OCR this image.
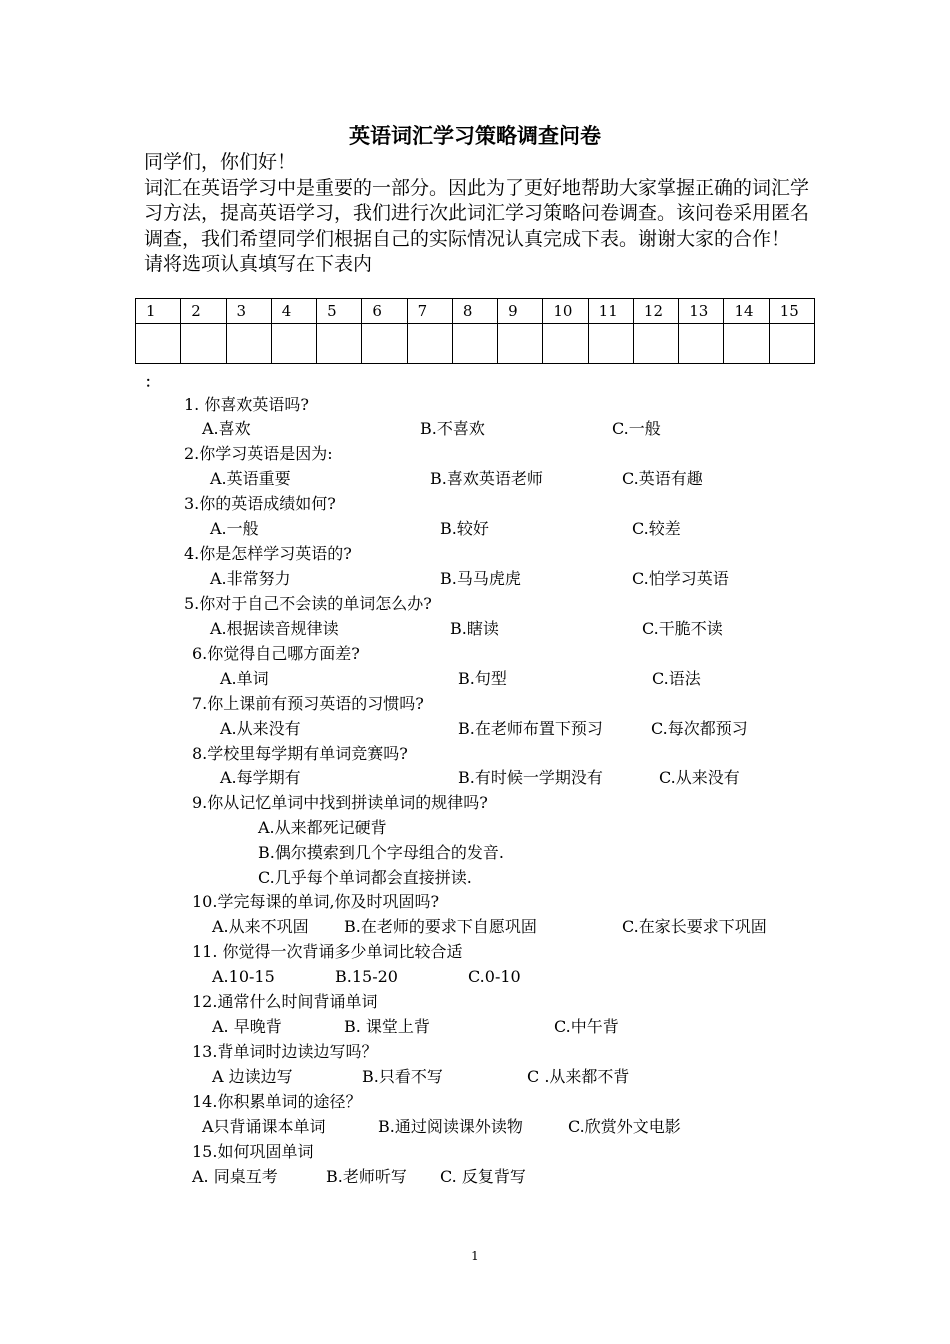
英语词汇学习策略调查问卷

同学们，你们好！

词汇在英语学习中是重要的一部分。因此为了更好地帮助大家掌握正确的词汇学习方法，提高英语学习，我们进行次此词汇学习策略问卷调查。该问卷采用匿名调查，我们希望同学们根据自己的实际情况认真完成下表。谢谢大家的合作！

请将选项认真填写在下表内

1	2	3	4	5	6	7	8	9	10	11	12	13	14	15

：
1. 你喜欢英语吗?
A.喜欢	B.不喜欢	C.一般
2.你学习英语是因为:
A.英语重要	B.喜欢英语老师	C.英语有趣
3.你的英语成绩如何?
A.一般	B.较好	C.较差
4.你是怎样学习英语的?
A.非常努力	B.马马虎虎	C.怕学习英语
5.你对于自己不会读的单词怎么办?
A.根据读音规律读	B.瞎读	C.干脆不读
6.你觉得自己哪方面差?
A.单词	B.句型	C.语法
7.你上课前有预习英语的习惯吗?
A.从来没有	B.在老师布置下预习	C.每次都预习
8.学校里每学期有单词竞赛吗?
A.每学期有	B.有时候一学期没有	C.从来没有
9.你从记忆单词中找到拼读单词的规律吗?
A.从来都死记硬背
B.偶尔摸索到几个字母组合的发音.
C.几乎每个单词都会直接拼读.
10.学完每课的单词,你及时巩固吗?
A.从来不巩固 B.在老师的要求下自愿巩固	C.在家长要求下巩固
11. 你觉得一次背诵多少单词比较合适
A.10-15	B.15-20	C.0-10
12.通常什么时间背诵单词
A. 早晚背	B. 课堂上背	C.中午背
13.背单词时边读边写吗？
A 边读边写	B.只看不写	C .从来都不背
14.你积累单词的途径？
A只背诵课本单词	B.通过阅读课外读物	C.欣赏外文电影
15.如何巩固单词
A. 同桌互考	B.老师听写 C. 反复背写
1
